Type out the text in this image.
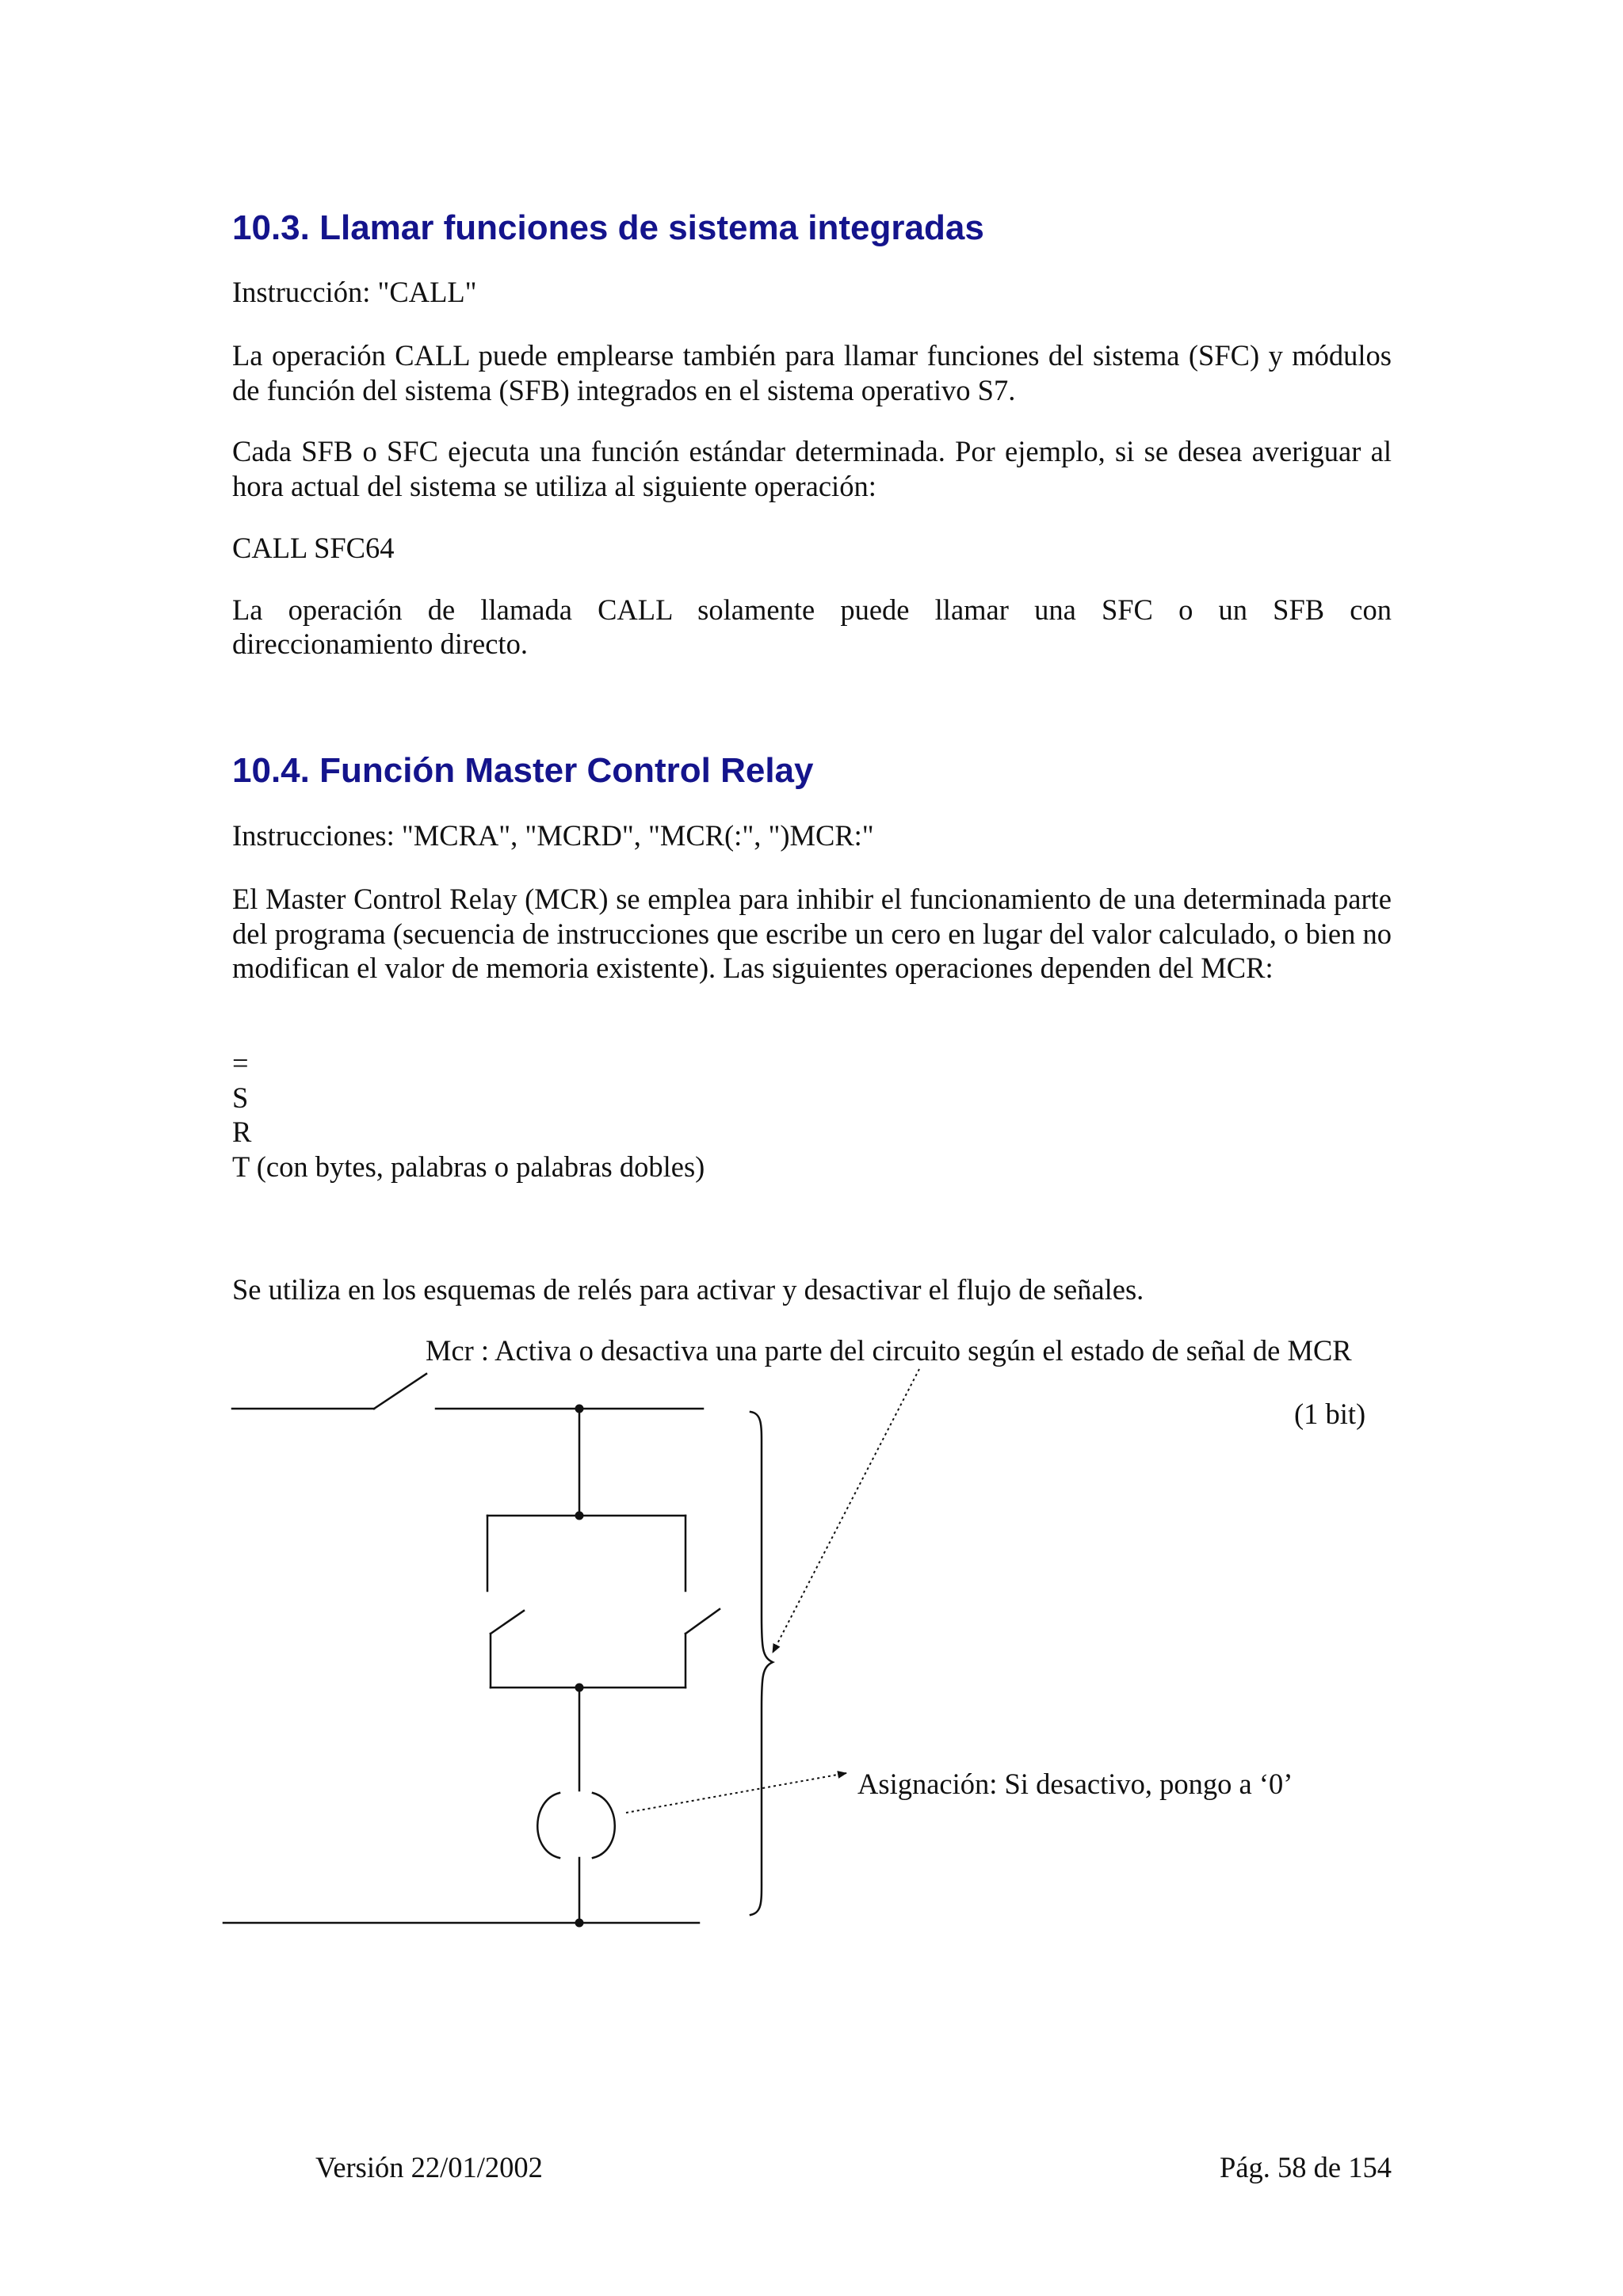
10.3. Llamar funciones de sistema integradas

Instrucción: "CALL"

La operación CALL puede emplearse también para llamar funciones del sistema (SFC) y módulos de función del sistema (SFB) integrados en el sistema operativo S7.

Cada SFB o SFC ejecuta una función estándar determinada. Por ejemplo, si se desea averiguar al hora actual del sistema se utiliza al siguiente operación:

CALL SFC64

La operación de llamada CALL solamente puede llamar una SFC o un SFB con

direccionamiento directo.

10.4. Función Master Control Relay

Instrucciones: "MCRA", "MCRD", "MCR(:", ")MCR:"

El Master Control Relay (MCR) se emplea para inhibir el funcionamiento de una determinada parte del programa (secuencia de instrucciones que escribe un cero en lugar del valor calculado, o bien no modifican el valor de memoria existente). Las siguientes operaciones dependen del MCR:

=

S

R

T (con bytes, palabras o palabras dobles)

Se utiliza en los esquemas de relés para activar y desactivar el flujo de señales.

Mcr : Activa o desactiva una parte del circuito según el estado de señal de MCR

(1 bit)

Asignación: Si desactivo, pongo a ‘0’

Versión 22/01/2002	Pág. 58 de 154
